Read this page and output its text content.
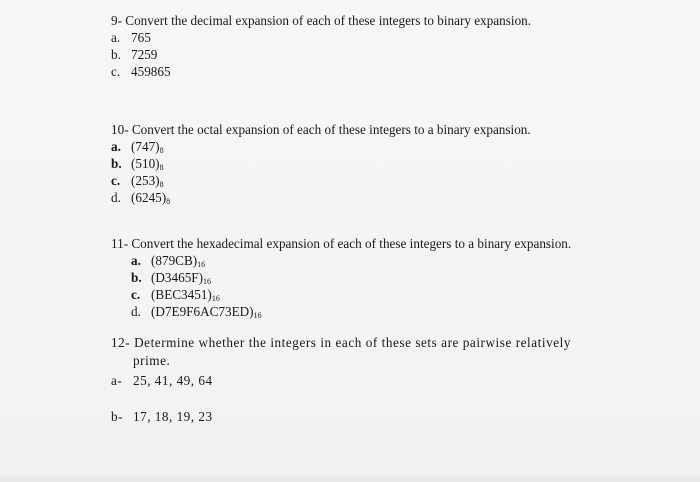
9- Convert the decimal expansion of each of these integers to binary expansion.
a. 765
b. 7259
c. 459865
10- Convert the octal expansion of each of these integers to a binary expansion.
a. $(747)_8$
b. $(510)_8$
c. $(253)_8$
d. $(6245)_8$
11- Convert the hexadecimal expansion of each of these integers to a binary expansion.
a. $(879CB)_{16}$
b. $(D3465F)_{16}$
c. $(BEC3451)_{16}$
d. $(D7E9F6AC73ED)_{16}$
12- Determine whether the integers in each of these sets are pairwise relatively
prime.
a- 25, 41, 49, 64
b- 17, 18, 19, 23
